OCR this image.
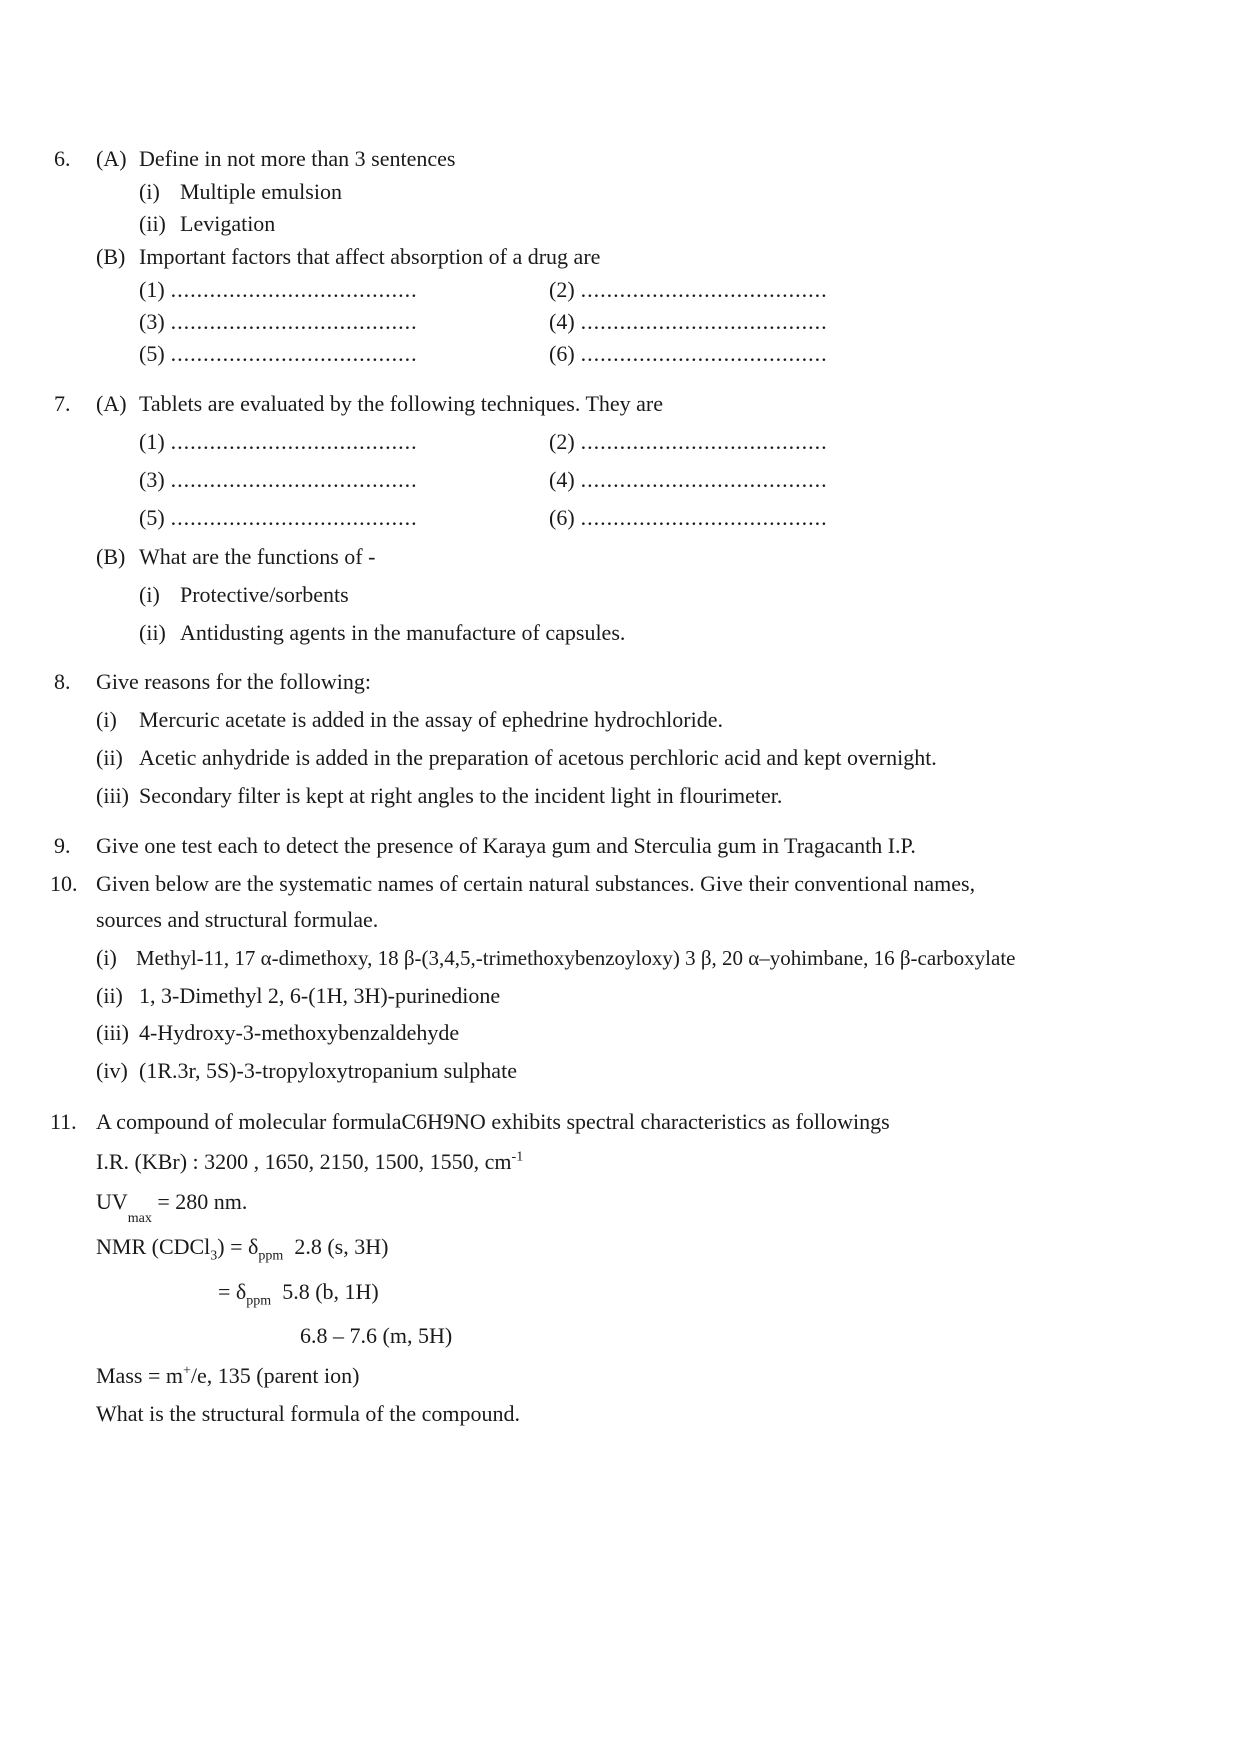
6. (A) Define in not more than 3 sentences
(i) Multiple emulsion
(ii) Levigation
(B) Important factors that affect absorption of a drug are
(1) ......................................	(2) ......................................
(3) ......................................	(4) ......................................
(5) ......................................	(6) ......................................
7. (A) Tablets are evaluated by the following techniques. They are
(1) ......................................	(2) ......................................
(3) ......................................	(4) ......................................
(5) ......................................	(6) ......................................
(B) What are the functions of -
(i) Protective/sorbents
(ii) Antidusting agents in the manufacture of capsules.
8. Give reasons for the following:
(i) Mercuric acetate is added in the assay of ephedrine hydrochloride.
(ii) Acetic anhydride is added in the preparation of acetous perchloric acid and kept overnight.
(iii) Secondary filter is kept at right angles to the incident light in flourimeter.
9. Give one test each to detect the presence of Karaya gum and Sterculia gum in Tragacanth I.P.
10. Given below are the systematic names of certain natural substances. Give their conventional names,
sources and structural formulae.
(i) Methyl-11, 17 α-dimethoxy, 18 β-(3,4,5,-trimethoxybenzoyloxy) 3 β, 20 α–yohimbane, 16 β-carboxylate
(ii) 1, 3-Dimethyl 2, 6-(1H, 3H)-purinedione
(iii) 4-Hydroxy-3-methoxybenzaldehyde
(iv) (1R.3r, 5S)-3-tropyloxytropanium sulphate
11. A compound of molecular formulaC6H9NO exhibits spectral characteristics as followings
I.R. (KBr) : 3200 , 1650, 2150, 1500, 1550, $cm^{-1}$
$UV_{max} = 280$ nm.
NMR (CDCl$_3$) = $\delta_{ppm}$ 2.8 (s, 3H)
= $\delta_{ppm}$ 5.8 (b, 1H)
6.8 – 7.6 (m, 5H)
Mass = m+/e, 135 (parent ion)
What is the structural formula of the compound.
